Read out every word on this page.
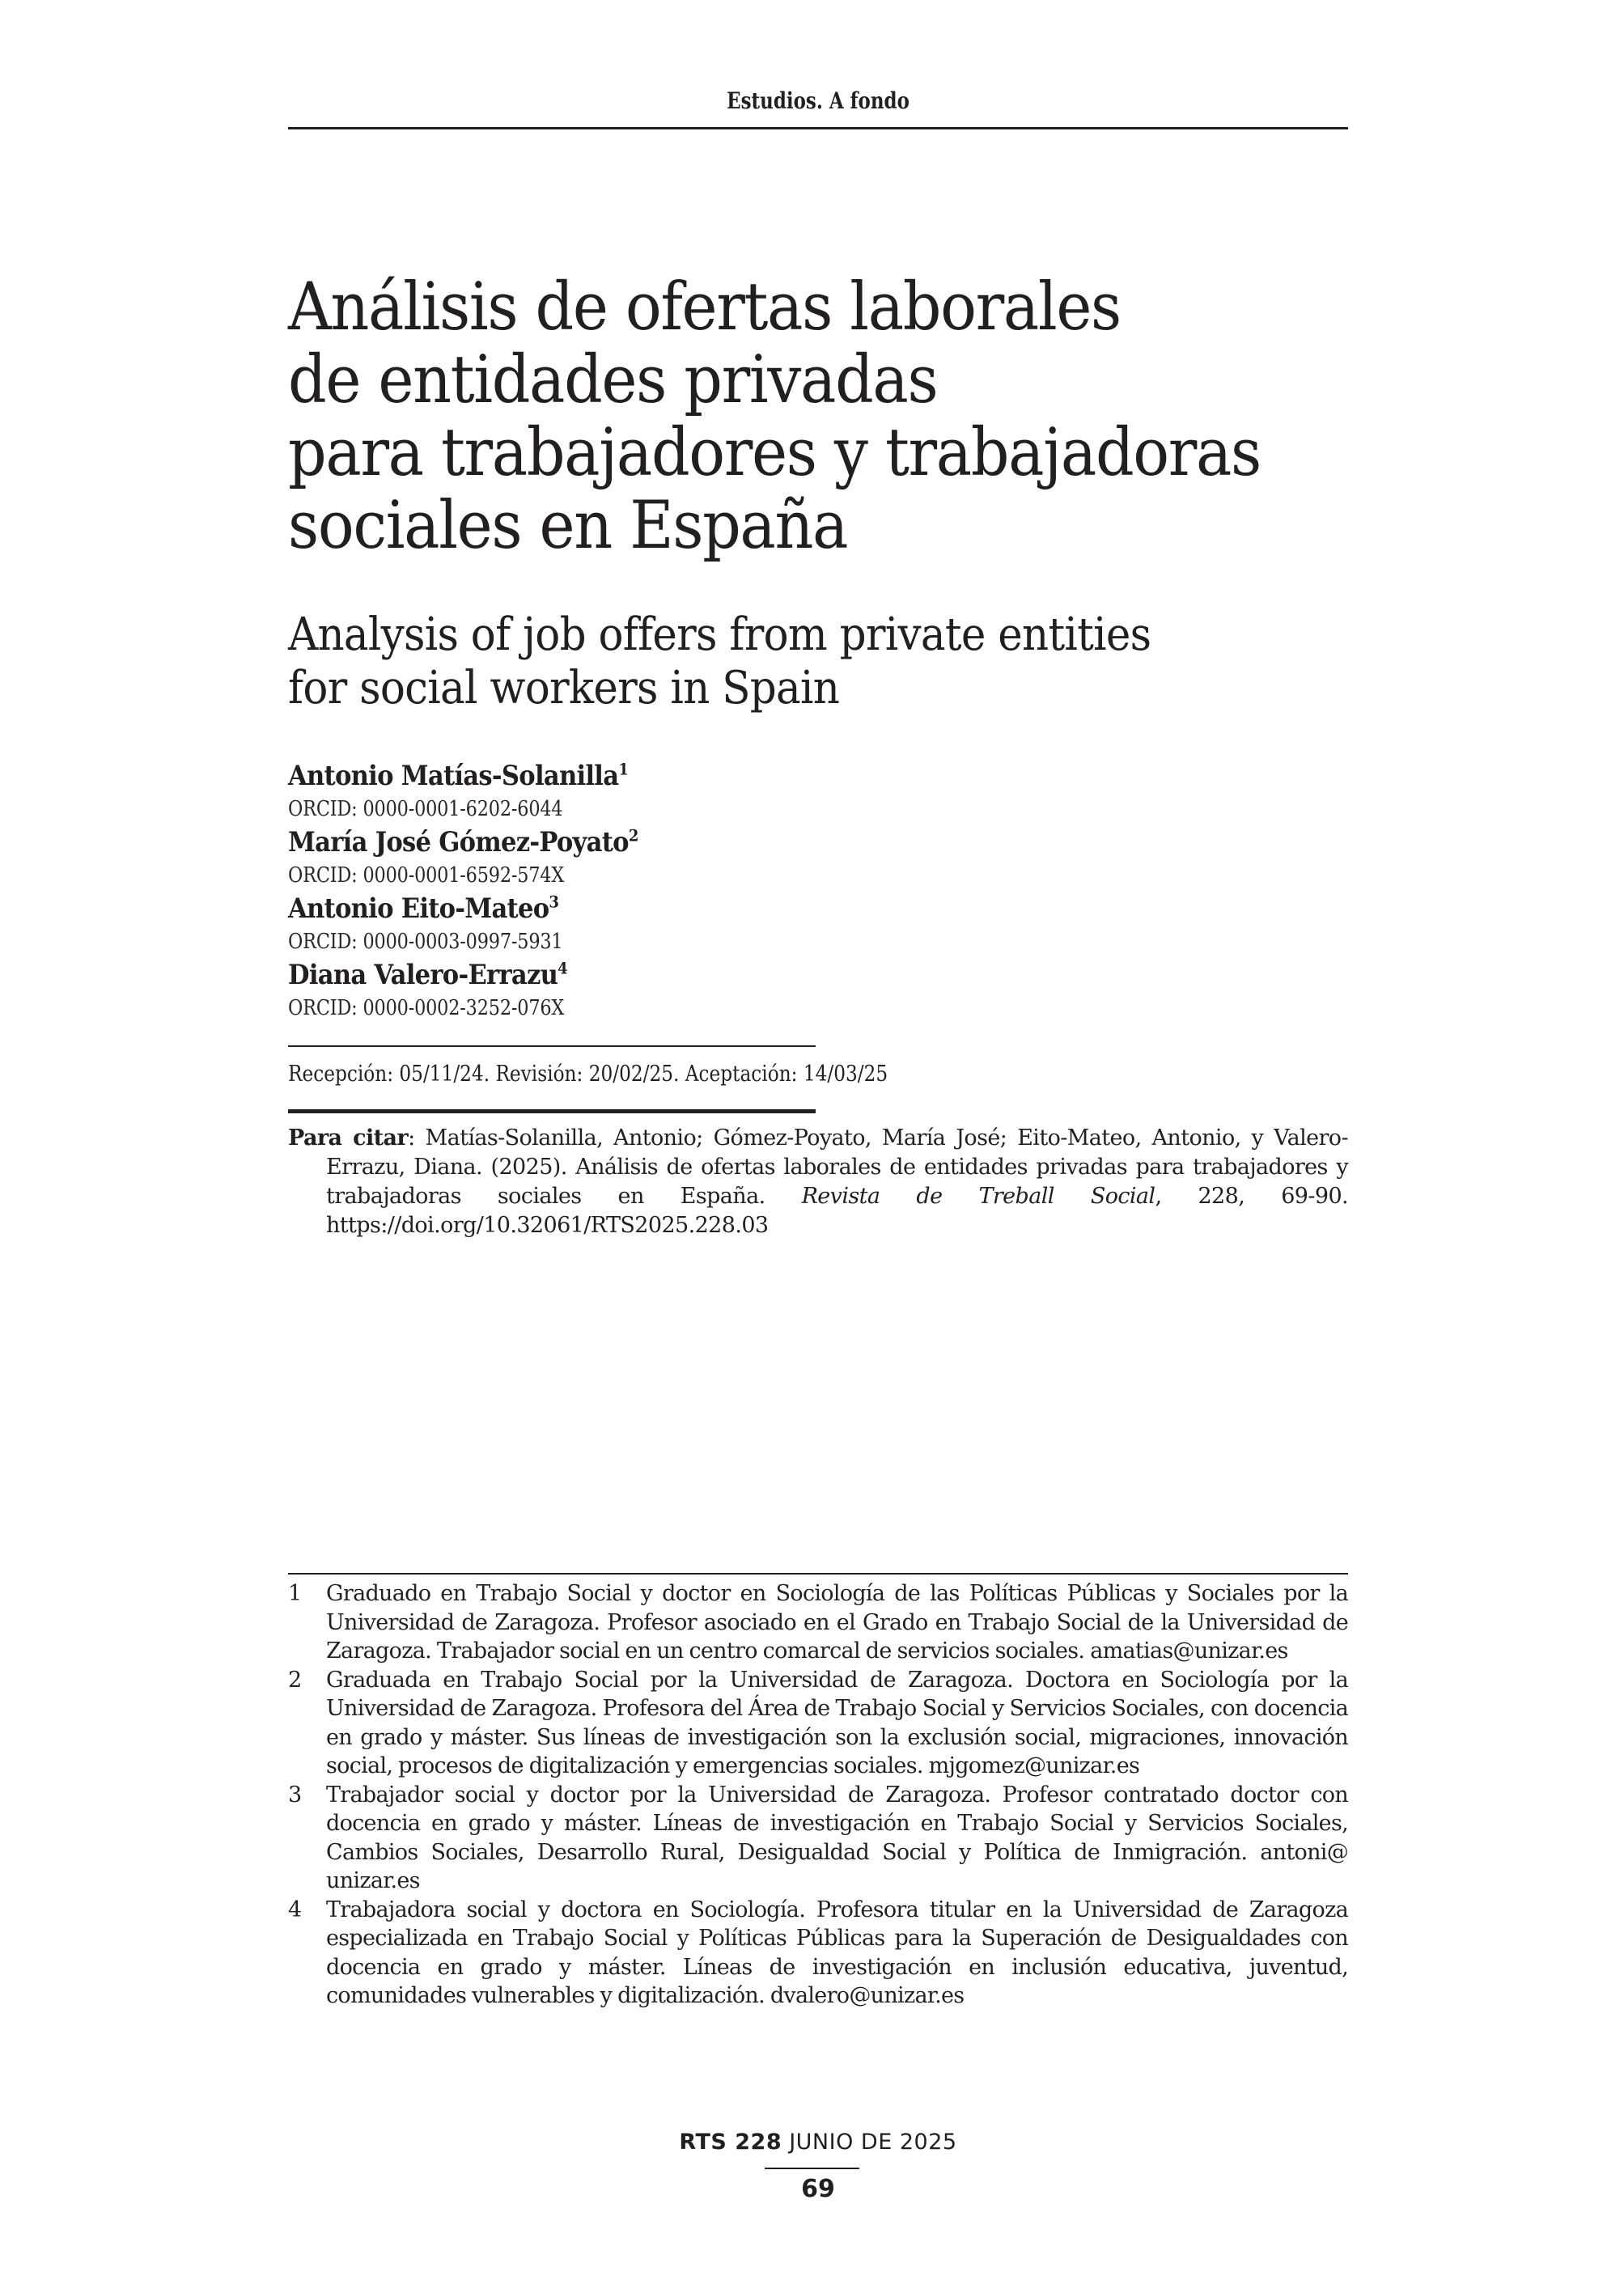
Estudios. A fondo
Análisis de ofertas laborales
de entidades privadas
para trabajadores y trabajadoras
sociales en España
Analysis of job offers from private entities
for social workers in Spain
Antonio Matías-Solanilla$^1$
ORCID: 0000-0001-6202-6044
María José Gómez-Poyato$^2$
ORCID: 0000-0001-6592-574X
Antonio Eito-Mateo$^3$
ORCID: 0000-0003-0997-5931
Diana Valero-Errazu$^4$
ORCID: 0000-0002-3252-076X
Recepción: 05/11/24. Revisión: 20/02/25. Aceptación: 14/03/25
Para citar: Matías-Solanilla, Antonio; Gómez-Poyato, María José; Eito-Mateo, Antonio, y Valero-Errazu, Diana. (2025). Análisis de ofertas laborales de entidades privadas para trabajadores y trabajadoras sociales en España. Revista de Treball Social, 228, 69-90. https://doi.org/10.32061/RTS2025.228.03
1 Graduado en Trabajo Social y doctor en Sociología de las Políticas Públicas y Sociales por la Universidad de Zaragoza. Profesor asociado en el Grado en Trabajo Social de la Universidad de Zaragoza. Trabajador social en un centro comarcal de servicios sociales. amatias@unizar.es
2 Graduada en Trabajo Social por la Universidad de Zaragoza. Doctora en Sociología por la Universidad de Zaragoza. Profesora del Área de Trabajo Social y Servicios Sociales, con docencia en grado y máster. Sus líneas de investigación son la exclusión social, migraciones, innovación social, procesos de digitalización y emergencias sociales. mjgomez@unizar.es
3 Trabajador social y doctor por la Universidad de Zaragoza. Profesor contratado doctor con docencia en grado y máster. Líneas de investigación en Trabajo Social y Servicios Sociales, Cambios Sociales, Desarrollo Rural, Desigualdad Social y Política de Inmigración. antoni@ unizar.es
4 Trabajadora social y doctora en Sociología. Profesora titular en la Universidad de Zaragoza especializada en Trabajo Social y Políticas Públicas para la Superación de Desigualdades con docencia en grado y máster. Líneas de investigación en inclusión educativa, juventud, comunidades vulnerables y digitalización. dvalero@unizar.es
RTS 228 JUNIO DE 2025
69
